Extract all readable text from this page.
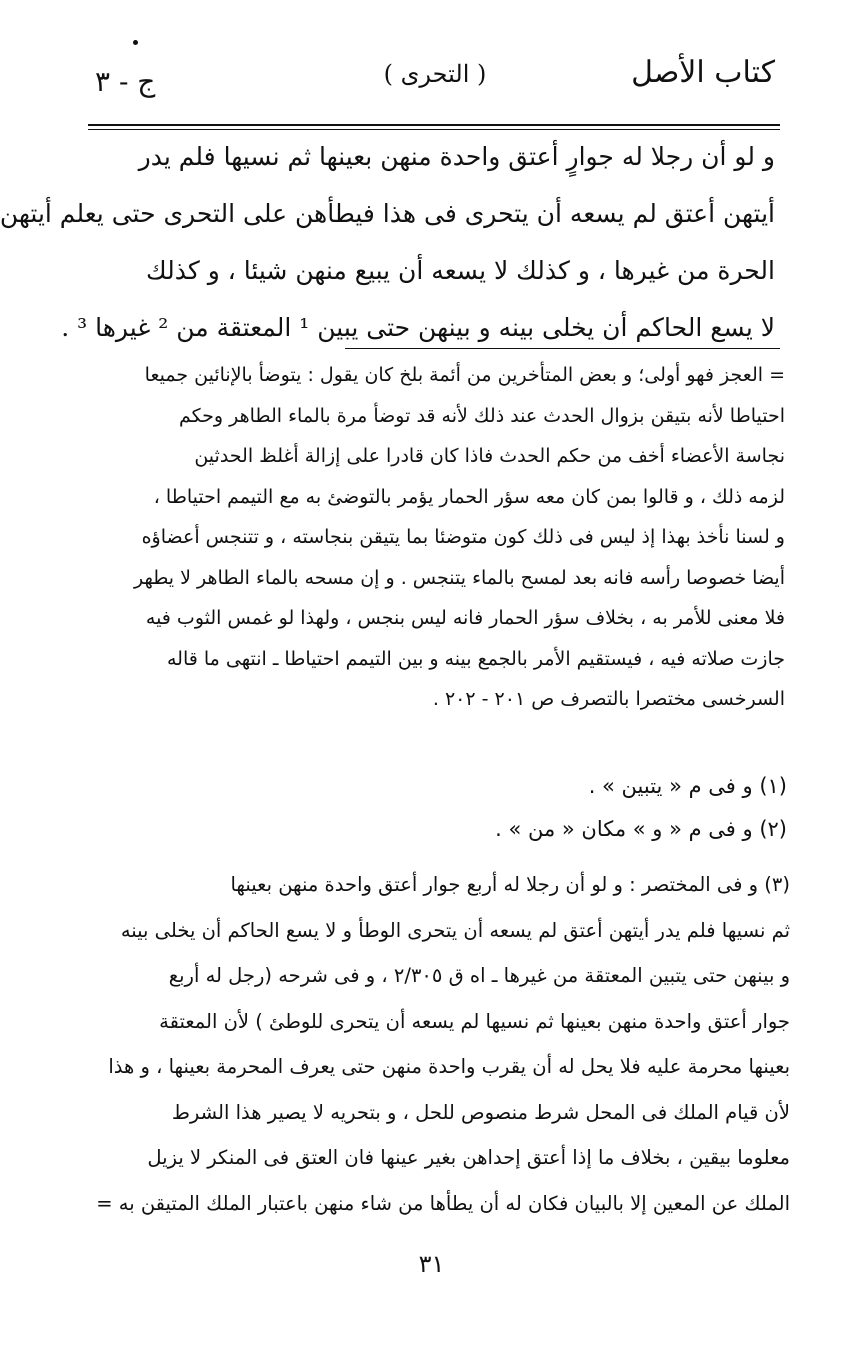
كتاب الأصل
( التحرى )
ج - ٣
و لو أن رجلا له جوارٍ أعتق واحدة منهن بعينها ثم نسيها فلم يدر
أيتهن أعتق لم يسعه أن يتحرى فى هذا فيطأهن على التحرى حتى يعلم أيتهن
الحرة من غيرها ، و كذلك لا يسعه أن يبيع منهن شيئا ، و كذلك
لا يسع الحاكم أن يخلى بينه و بينهن حتى يبين ¹ المعتقة من ² غيرها ³ .
= العجز فهو أولى؛ و بعض المتأخرين من أئمة بلخ كان يقول : يتوضأ بالإنائين جميعا
احتياطا لأنه بتيقن بزوال الحدث عند ذلك لأنه قد توضأ مرة بالماء الطاهر وحكم
نجاسة الأعضاء أخف من حكم الحدث فاذا كان قادرا على إزالة أغلظ الحدثين
لزمه ذلك ، و قالوا بمن كان معه سؤر الحمار يؤمر بالتوضئ به مع التيمم احتياطا ،
و لسنا نأخذ بهذا إذ ليس فى ذلك كون متوضئا بما يتيقن بنجاسته ، و تتنجس أعضاؤه
أيضا خصوصا رأسه فانه بعد لمسح بالماء يتنجس . و إن مسحه بالماء الطاهر لا يطهر
فلا معنى للأمر به ، بخلاف سؤر الحمار فانه ليس بنجس ، ولهذا لو غمس الثوب فيه
جازت صلاته فيه ، فيستقيم الأمر بالجمع بينه و بين التيمم احتياطا ـ انتهى ما قاله
السرخسى مختصرا بالتصرف ص ٢٠١ - ٢٠٢ .
(١) و فى م « يتبين » .
(٢) و فى م « و » مكان « من » .
(٣) و فى المختصر : و لو أن رجلا له أربع جوار أعتق واحدة منهن بعينها
ثم نسيها فلم يدر أيتهن أعتق لم يسعه أن يتحرى الوطأ و لا يسع الحاكم أن يخلى بينه
و بينهن حتى يتبين المعتقة من غيرها ـ اه ق ٢/٣٠٥ ، و فى شرحه (رجل له أربع
جوار أعتق واحدة منهن بعينها ثم نسيها لم يسعه أن يتحرى للوطئ ) لأن المعتقة
بعينها محرمة عليه فلا يحل له أن يقرب واحدة منهن حتى يعرف المحرمة بعينها ، و هذا
لأن قيام الملك فى المحل شرط منصوص للحل ، و بتحريه لا يصير هذا الشرط
معلوما بيقين ، بخلاف ما إذا أعتق إحداهن بغير عينها فان العتق فى المنكر لا يزيل
الملك عن المعين إلا بالبيان فكان له أن يطأها من شاء منهن باعتبار الملك المتيقن به =
٣١
